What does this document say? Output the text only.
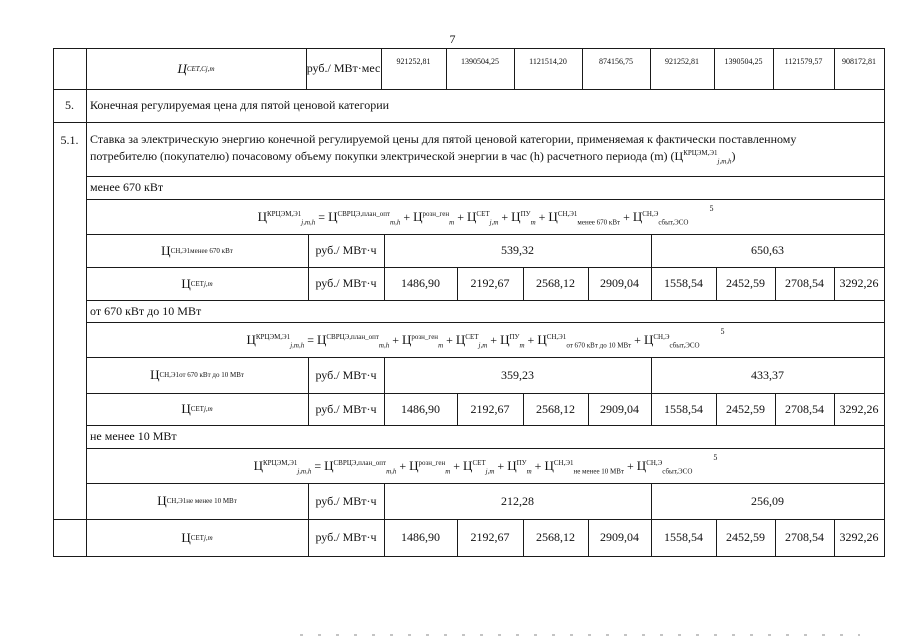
7
Ц СЕТ,С j,m	руб./ МВт·мес	921252,81	1390504,25	1121514,20	874156,75	921252,81	1390504,25	1121579,57	908172,81
5.	Конечная регулируемая цена для пятой ценовой категории
5.1. Ставка за электрическую энергию конечной регулируемой цены для пятой ценовой категории, применяемая к фактически поставленному
потребителю (покупателю) почасовому объему покупки электрической энергии в час (h) расчетного периода (m) $(Ц^{КРЦЭМ,Э1}_{j,m,h})$
менее 670 кВт
$Ц^{КРЦЭМ,Э1}_{j,m,h} = Ц^{СВРЦЭ,план\_опт}_{m,h} + Ц^{розн\_ген}_m + Ц^{СЕТ}_{j,m} + Ц^{ПУ}_m + Ц^{СН,Э1}_{менее 670 кВт} + Ц^{СН,Э}_{сбыт,ЭСО}$ $^5$
Ц СН,Э1 менее 670 кВт	руб./ МВт·ч	539,32	650,63
Ц СЕТ j,m	руб./ МВт·ч	1486,90	2192,67	2568,12	2909,04	1558,54	2452,59	2708,54	3292,26
от 670 кВт до 10 МВт
$Ц^{КРЦЭМ,Э1}_{j,m,h} = Ц^{СВРЦЭ,план\_опт}_{m,h} + Ц^{розн\_ген}_m + Ц^{СЕТ}_{j,m} + Ц^{ПУ}_m + Ц^{СН,Э1}_{от 670 кВт до 10 МВт} + Ц^{СН,Э}_{сбыт,ЭСО}$ $^5$
Ц СН,Э1 от 670 кВт до 10 МВт	руб./ МВт·ч	359,23	433,37
Ц СЕТ j,m	руб./ МВт·ч	1486,90	2192,67	2568,12	2909,04	1558,54	2452,59	2708,54	3292,26
не менее 10 МВт
$Ц^{КРЦЭМ,Э1}_{j,m,h} = Ц^{СВРЦЭ,план\_опт}_{m,h} + Ц^{розн\_ген}_m + Ц^{СЕТ}_{j,m} + Ц^{ПУ}_m + Ц^{СН,Э1}_{не менее 10 МВт} + Ц^{СН,Э}_{сбыт,ЭСО}$ $^5$
Ц СН,Э1 не менее 10 МВт	руб./ МВт·ч	212,28	256,09
Ц СЕТ j,m	руб./ МВт·ч	1486,90	2192,67	2568,12	2909,04	1558,54	2452,59	2708,54	3292,26
